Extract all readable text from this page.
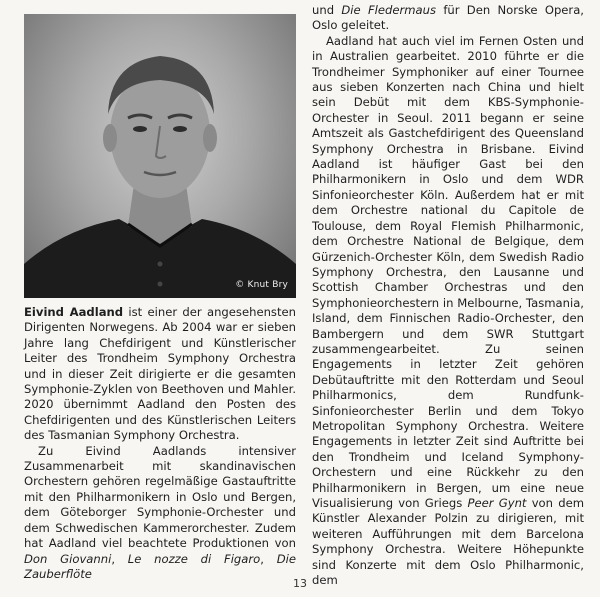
© Knut Bry

Eivind Aadland ist einer der angesehensten Dirigenten Norwegens. Ab 2004 war er sieben Jahre lang Chefdirigent und Künstlerischer Leiter des Trondheim Symphony Orchestra und in dieser Zeit dirigierte er die gesamten Symphonie-Zyklen von Beethoven und Mahler. 2020 übernimmt Aadland den Posten des Chefdirigenten und des Künstlerischen Leiters des Tasmanian Symphony Orchestra.

Zu Eivind Aadlands intensiver Zusammenarbeit mit skandinavischen Orchestern gehören regelmäßige Gastauftritte mit den Philharmonikern in Oslo und Bergen, dem Göteborger Symphonie-Orchester und dem Schwedischen Kammerorchester. Zudem hat Aadland viel beachtete Produktionen von Don Giovanni, Le nozze di Figaro, Die Zauberflöte

und Die Fledermaus für Den Norske Opera, Oslo geleitet.

Aadland hat auch viel im Fernen Osten und in Australien gearbeitet. 2010 führte er die Trondheimer Symphoniker auf einer Tournee aus sieben Konzerten nach China und hielt sein Debüt mit dem KBS-Symphonie-Orchester in Seoul. 2011 begann er seine Amtszeit als Gastchefdirigent des Queensland Symphony Orchestra in Brisbane. Eivind Aadland ist häufiger Gast bei den Philharmonikern in Oslo und dem WDR Sinfonieorchester Köln. Außerdem hat er mit dem Orchestre national du Capitole de Toulouse, dem Royal Flemish Philharmonic, dem Orchestre National de Belgique, dem Gürzenich-Orchester Köln, dem Swedish Radio Symphony Orchestra, den Lausanne und Scottish Chamber Orchestras und den Symphonieorchestern in Melbourne, Tasmania, Island, dem Finnischen Radio-Orchester, den Bambergern und dem SWR Stuttgart zusammengearbeitet. Zu seinen Engagements in letzter Zeit gehören Debütauftritte mit den Rotterdam und Seoul Philharmonics, dem Rundfunk-Sinfonieorchester Berlin und dem Tokyo Metropolitan Symphony Orchestra. Weitere Engagements in letzter Zeit sind Auftritte bei den Trondheim und Iceland Symphony-Orchestern und eine Rückkehr zu den Philharmonikern in Bergen, um eine neue Visualisierung von Griegs Peer Gynt von dem Künstler Alexander Polzin zu dirigieren, mit weiteren Aufführungen mit dem Barcelona Symphony Orchestra. Weitere Höhepunkte sind Konzerte mit dem Oslo Philharmonic, dem

13
